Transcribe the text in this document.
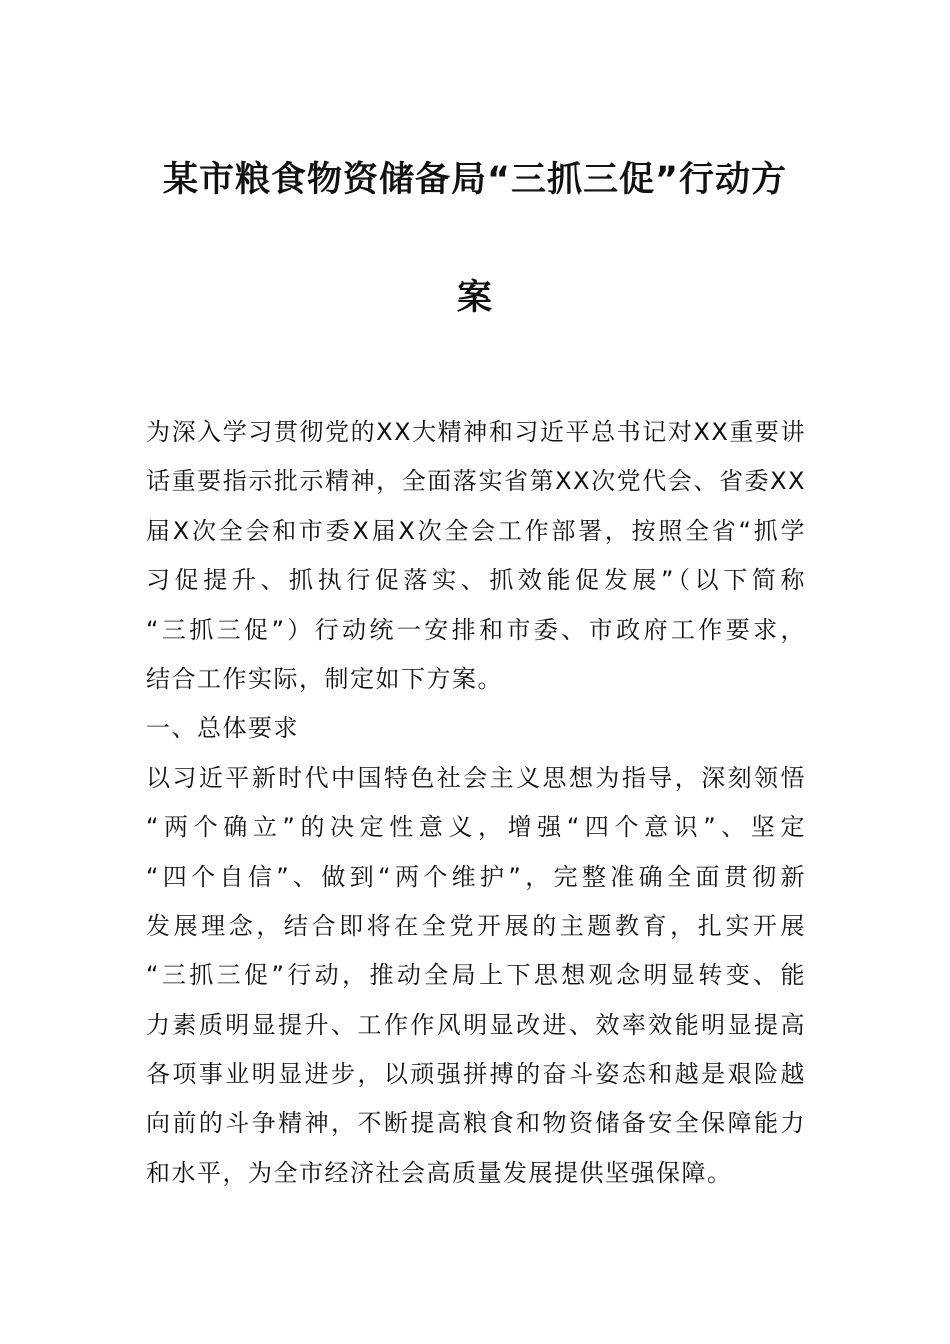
某市粮食物资储备局“三抓三促”行动方
案
为深入学习贯彻党的XX大精神和习近平总书记对XX重要讲
话重要指示批示精神，全面落实省第XX次党代会、省委XX
届X次全会和市委X届X次全会工作部署，按照全省“抓学
习促提升、抓执行促落实、抓效能促发展”（以下简称
“三抓三促”）行动统一安排和市委、市政府工作要求，
结合工作实际，制定如下方案。
一、总体要求
以习近平新时代中国特色社会主义思想为指导，深刻领悟
“两个确立”的决定性意义，增强“四个意识”、坚定
“四个自信”、做到“两个维护”，完整准确全面贯彻新
发展理念，结合即将在全党开展的主题教育，扎实开展
“三抓三促”行动，推动全局上下思想观念明显转变、能
力素质明显提升、工作作风明显改进、效率效能明显提高
各项事业明显进步，以顽强拼搏的奋斗姿态和越是艰险越
向前的斗争精神，不断提高粮食和物资储备安全保障能力
和水平，为全市经济社会高质量发展提供坚强保障。
